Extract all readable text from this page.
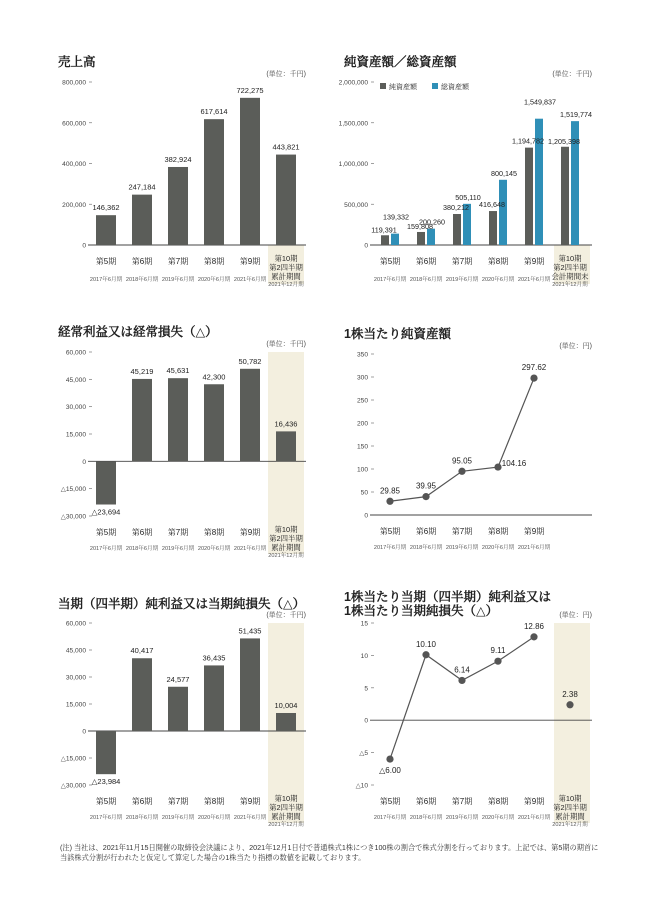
売上高
(単位：千円)
0
200,000
400,000
600,000
800,000
第5期
2017年6月期
第6期
2018年6月期
第7期
2019年6月期
第8期
2020年6月期
第9期
2021年6月期
第10期
第2四半期
累計期間
2021年12月期
146,362
247,184
382,924
617,614
722,275
443,821
純資産額／総資産額
(単位：千円)
0
500,000
1,000,000
1,500,000
2,000,000
第5期
2017年6月期
第6期
2018年6月期
第7期
2019年6月期
第8期
2020年6月期
第9期
2021年6月期
第10期
第2四半期
会計期間末
2021年12月期
純資産額	総資産額
119,391 159,808
380,212 416,648
1,194,782 1,205,398
139,332
200,260
505,110
800,145
1,549,837
1,519,774
経常利益又は経常損失（△）
(単位：千円)
△30,000
△15,000
0
15,000
30,000
45,000
60,000
第5期
2017年6月期
第6期
2018年6月期
第7期
2019年6月期
第8期
2020年6月期
第9期
2021年6月期
第10期
第2四半期
累計期間
2021年12月期
△23,694
45,219 45,631
42,300
50,782
16,436
1株当たり純資産額
(単位：円)
0
50
100
150
200
250
300
350
第5期
2017年6月期
第6期
2018年6月期
第7期
2019年6月期
第8期
2020年6月期
第9期
2021年6月期
29.85
39.95
95.05	104.16
297.62
当期（四半期）純利益又は当期純損失（△）
(単位：千円)
△30,000
△15,000
0
15,000
30,000
45,000
60,000
第5期
2017年6月期
第6期
2018年6月期
第7期
2019年6月期
第8期
2020年6月期
第9期
2021年6月期
第10期
第2四半期
累計期間
2021年12月期
△23,984
40,417
24,577
36,435
51,435
10,004
1株当たり当期（四半期）純利益又は
1株当たり当期純損失（△）	(単位：円)
△10
△5
0
5
10
15
第5期
2017年6月期
第6期
2018年6月期
第7期
2019年6月期
第8期
2020年6月期
第9期
2021年6月期
第10期
第2四半期
累計期間
2021年12月期
△6.00
10.10
6.14
9.11
12.86
2.38
(注) 当社は、2021年11月15日開催の取締役会決議により、2021年12月1日付で普通株式1株につき100株の割合で株式分割を行っております。上記では、第5期の期首に当該株式分割が行われたと仮定して算定した場合の1株当たり指標の数値を記載しております。
